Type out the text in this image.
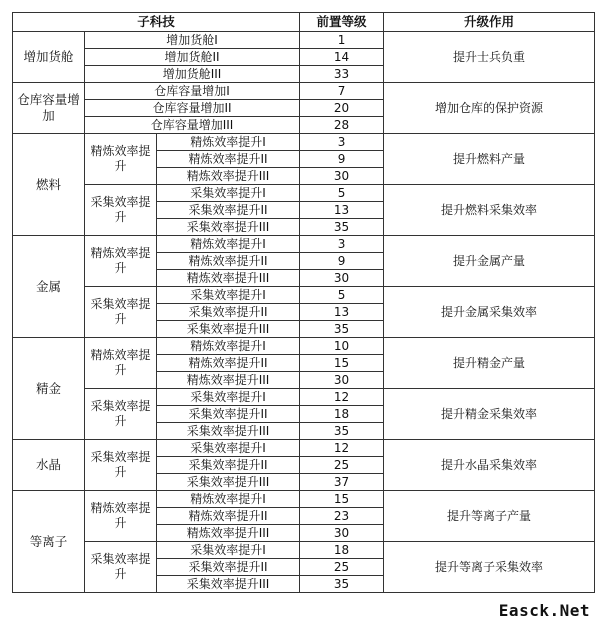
子科技			前置等级	升级作用
增加货舱	增加货舱I		1	提升士兵负重
	增加货舱II		14	
	增加货舱III		33	
仓库容量增加	仓库容量增加I		7	增加仓库的保护资源
	仓库容量增加II		20	
	仓库容量增加III		28	
燃料	精炼效率提升	精炼效率提升I	3	提升燃料产量
		精炼效率提升II	9	
		精炼效率提升III	30	
	采集效率提升	采集效率提升I	5	提升燃料采集效率
		采集效率提升II	13	
		采集效率提升III	35	
金属	精炼效率提升	精炼效率提升I	3	提升金属产量
		精炼效率提升II	9	
		精炼效率提升III	30	
	采集效率提升	采集效率提升I	5	提升金属采集效率
		采集效率提升II	13	
		采集效率提升III	35	
精金	精炼效率提升	精炼效率提升I	10	提升精金产量
		精炼效率提升II	15	
		精炼效率提升III	30	
	采集效率提升	采集效率提升I	12	提升精金采集效率
		采集效率提升II	18	
		采集效率提升III	35	
水晶	采集效率提升	采集效率提升I	12	提升水晶采集效率
		采集效率提升II	25	
		采集效率提升III	37	
等离子	精炼效率提升	精炼效率提升I	15	提升等离子产量
		精炼效率提升II	23	
		精炼效率提升III	30	
	采集效率提升	采集效率提升I	18	提升等离子采集效率
		采集效率提升II	25	
		采集效率提升III	35	
Easck.Net
